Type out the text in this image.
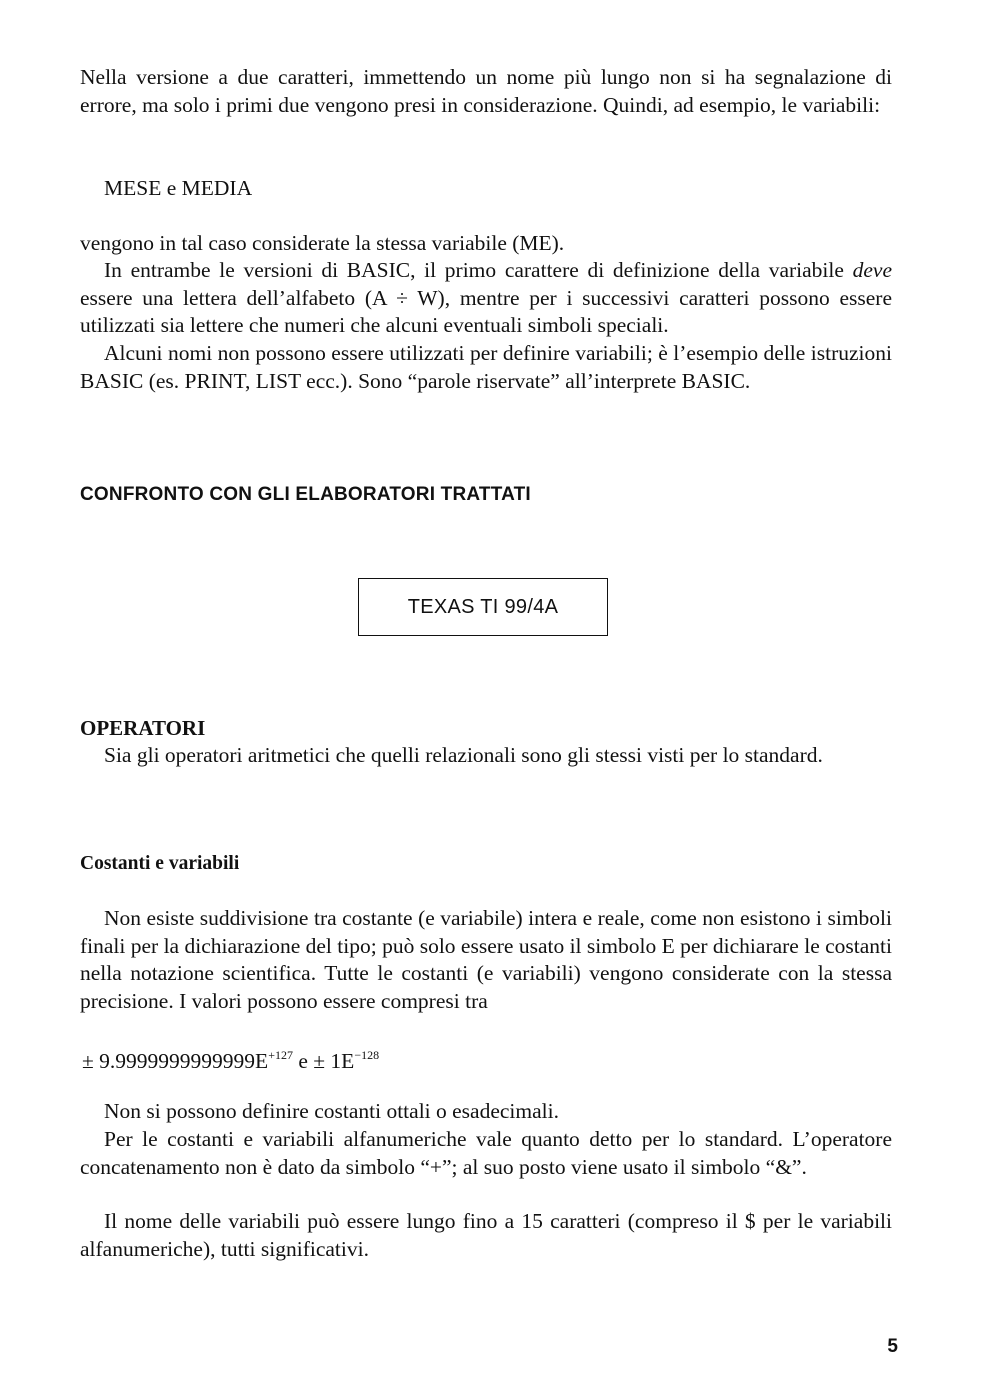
Nella versione a due caratteri, immettendo un nome più lungo non si ha segnalazione di errore, ma solo i primi due vengono presi in considerazione. Quindi, ad esempio, le variabili:

MESE e MEDIA

vengono in tal caso considerate la stessa variabile (ME).

In entrambe le versioni di BASIC, il primo carattere di definizione della variabile deve essere una lettera dell’alfabeto (A ÷ W), mentre per i successivi caratteri possono essere utilizzati sia lettere che numeri che alcuni eventuali simboli speciali.

Alcuni nomi non possono essere utilizzati per definire variabili; è l’esempio delle istruzioni BASIC (es. PRINT, LIST ecc.). Sono “parole riservate” all’interprete BASIC.

CONFRONTO CON GLI ELABORATORI TRATTATI
TEXAS TI 99/4A
OPERATORI

Sia gli operatori aritmetici che quelli relazionali sono gli stessi visti per lo standard.

Costanti e variabili

Non esiste suddivisione tra costante (e variabile) intera e reale, come non esistono i simboli finali per la dichiarazione del tipo; può solo essere usato il simbolo E per dichiarare le costanti nella notazione scientifica. Tutte le costanti (e variabili) vengono considerate con la stessa precisione. I valori possono essere compresi tra

± $9.9999999999999E^{+127}$ $e \pm 1E^{-128}$

Non si possono definire costanti ottali o esadecimali.

Per le costanti e variabili alfanumeriche vale quanto detto per lo standard. L’operatore concatenamento non è dato da simbolo “+”; al suo posto viene usato il simbolo “&”.

Il nome delle variabili può essere lungo fino a 15 caratteri (compreso il $ per le variabili alfanumeriche), tutti significativi.

5
